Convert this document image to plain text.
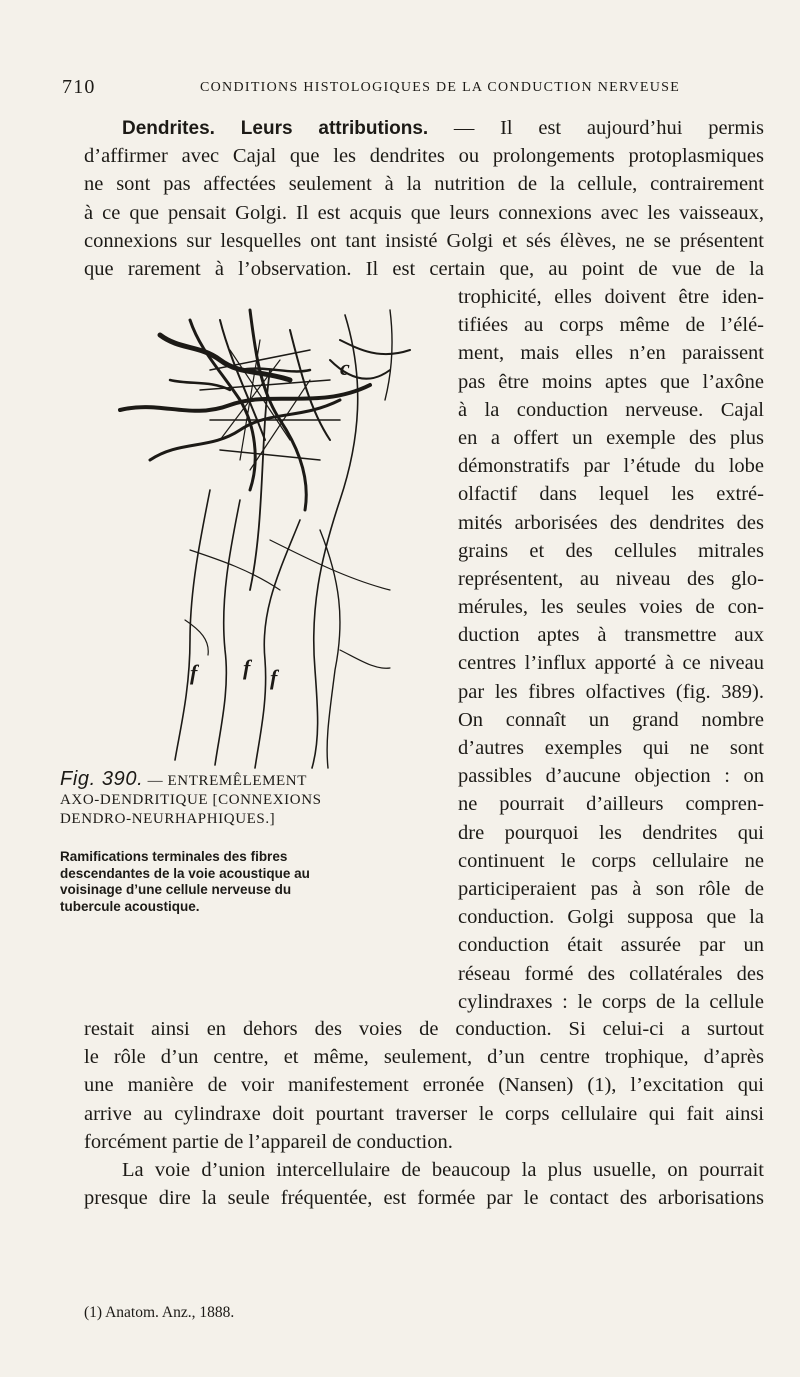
710	CONDITIONS HISTOLOGIQUES DE LA CONDUCTION NERVEUSE
Dendrites. Leurs attributions. — Il est aujourd’hui permis
d’affirmer avec Cajal que les dendrites ou prolongements protoplasmiques
ne sont pas affectées seulement à la nutrition de la cellule, contrairement
à ce que pensait Golgi. Il est acquis que leurs connexions avec les vaisseaux,
connexions sur lesquelles ont tant insisté Golgi et sés élèves, ne se présentent
que rarement à l’observation. Il est certain que, au point de vue de la
trophicité, elles doivent être iden-
tifiées au corps même de l’élé-
ment, mais elles n’en paraissent
pas être moins aptes que l’axône
à la conduction nerveuse. Cajal
en a offert un exemple des plus
démonstratifs par l’étude du lobe
olfactif dans lequel les extré-
mités arborisées des dendrites des
grains et des cellules mitrales
représentent, au niveau des glo-
mérules, les seules voies de con-
duction aptes à transmettre aux
centres l’influx apporté à ce niveau
par les fibres olfactives (fig. 389).
On connaît un grand nombre
d’autres exemples qui ne sont
passibles d’aucune objection : on
ne pourrait d’ailleurs compren-
dre pourquoi les dendrites qui
continuent le corps cellulaire ne
participeraient pas à son rôle de
conduction. Golgi supposa que la
conduction était assurée par un
réseau formé des collatérales des
cylindraxes : le corps de la cellule
c
f f f
Fig. 390. — ENTREMÊLEMENT AXO-DENDRITIQUE [CONNEXIONS DENDRO-NEURHAPHIQUES.]
Ramifications terminales des fibres descendantes de la voie acoustique au voisinage d’une cellule nerveuse du tubercule acoustique.
restait ainsi en dehors des voies de conduction. Si celui-ci a surtout
le rôle d’un centre, et même, seulement, d’un centre trophique, d’après
une manière de voir manifestement erronée (Nansen) (1), l’excitation qui
arrive au cylindraxe doit pourtant traverser le corps cellulaire qui fait ainsi
forcément partie de l’appareil de conduction.
La voie d’union intercellulaire de beaucoup la plus usuelle, on pourrait
presque dire la seule fréquentée, est formée par le contact des arborisations
(1) Anatom. Anz., 1888.
